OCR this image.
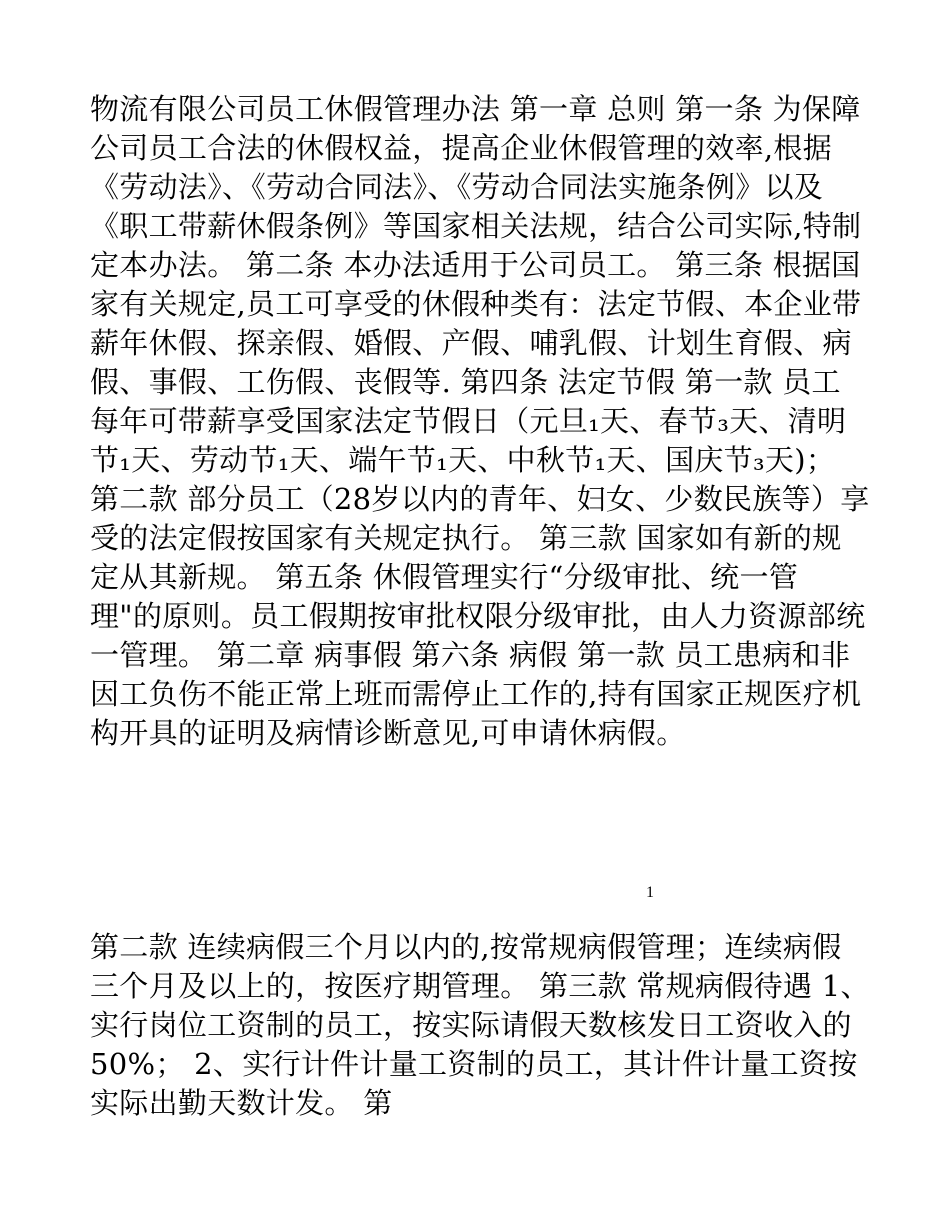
物流有限公司员工休假管理办法 第一章 总则 第一条 为保障公司员工合法的休假权益，提高企业休假管理的效率,根据《劳动法》、《劳动合同法》、《劳动合同法实施条例》以及《职工带薪休假条例》等国家相关法规，结合公司实际,特制定本办法。 第二条 本办法适用于公司员工。 第三条 根据国家有关规定,员工可享受的休假种类有：法定节假、本企业带薪年休假、探亲假、婚假、产假、哺乳假、计划生育假、病假、事假、工伤假、丧假等. 第四条 法定节假 第一款 员工每年可带薪享受国家法定节假日（元旦₁天、春节₃天、清明节₁天、劳动节₁天、端午节₁天、中秋节₁天、国庆节₃天)； 第二款 部分员工（28岁以内的青年、妇女、少数民族等）享受的法定假按国家有关规定执行。 第三款 国家如有新的规定从其新规。 第五条 休假管理实行“分级审批、统一管理"的原则。员工假期按审批权限分级审批，由人力资源部统一管理。 第二章 病事假 第六条 病假 第一款 员工患病和非因工负伤不能正常上班而需停止工作的,持有国家正规医疗机构开具的证明及病情诊断意见,可申请休病假。

1

第二款 连续病假三个月以内的,按常规病假管理；连续病假三个月及以上的，按医疗期管理。 第三款 常规病假待遇 1、实行岗位工资制的员工，按实际请假天数核发日工资收入的 50%； 2、实行计件计量工资制的员工，其计件计量工资按实际出勤天数计发。 第
